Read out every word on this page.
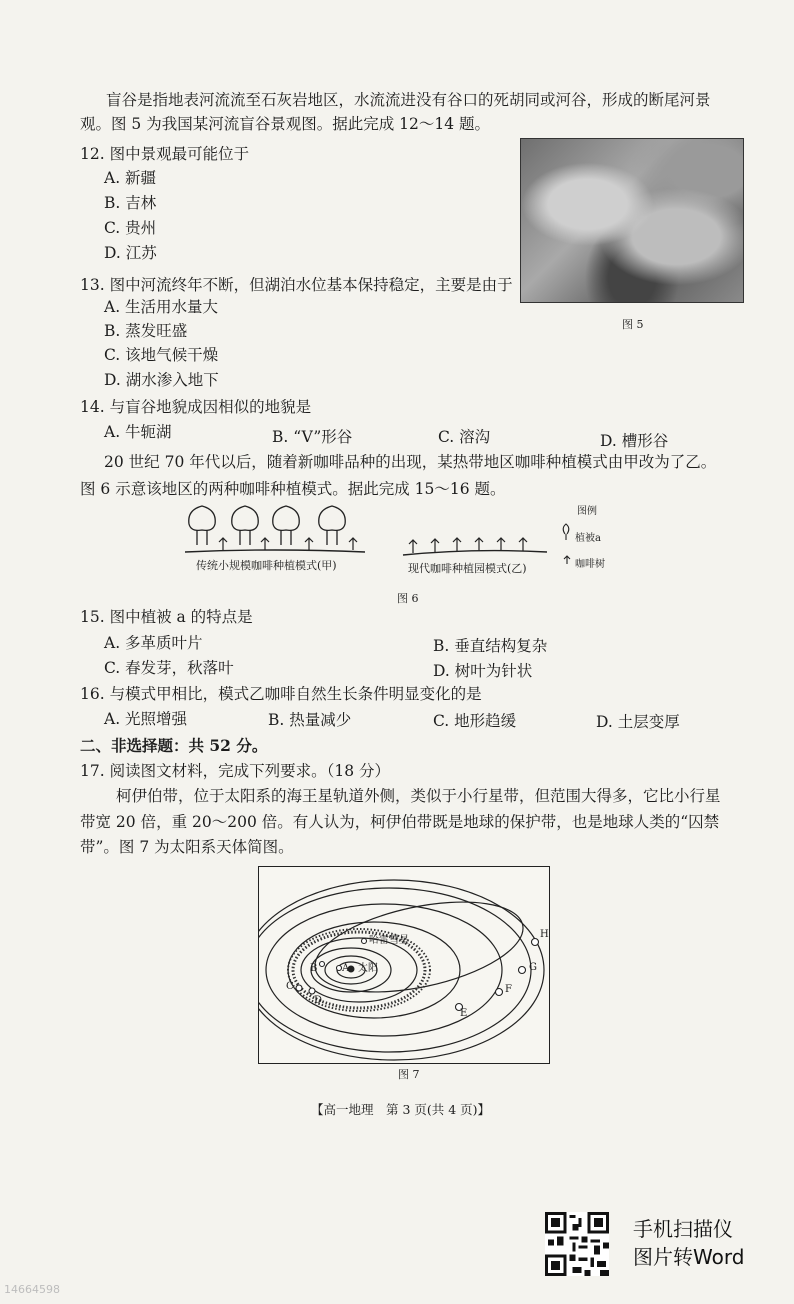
盲谷是指地表河流流至石灰岩地区，水流流进没有谷口的死胡同或河谷，形成的断尾河景
观。图 5 为我国某河流盲谷景观图。据此完成 12～14 题。
12. 图中景观最可能位于
A. 新疆
B. 吉林
C. 贵州
D. 江苏
图 5
13. 图中河流终年不断，但湖泊水位基本保持稳定，主要是由于
A. 生活用水量大
B. 蒸发旺盛
C. 该地气候干燥
D. 湖水渗入地下
14. 与盲谷地貌成因相似的地貌是
A. 牛轭湖	B. “V”形谷	C. 溶沟	D. 槽形谷
20 世纪 70 年代以后，随着新咖啡品种的出现，某热带地区咖啡种植模式由甲改为了乙。
图 6 示意该地区的两种咖啡种植模式。据此完成 15～16 题。
图例
植被a
咖啡树
传统小规模咖啡种植模式(甲)	现代咖啡种植园模式(乙)
图 6
15. 图中植被 a 的特点是
A. 多革质叶片	B. 垂直结构复杂
C. 春发芽，秋落叶	D. 树叶为针状
16. 与模式甲相比，模式乙咖啡自然生长条件明显变化的是
A. 光照增强	B. 热量减少	C. 地形趋缓	D. 土层变厚
二、非选择题：共 52 分。
17. 阅读图文材料，完成下列要求。（18 分）
柯伊伯带，位于太阳系的海王星轨道外侧，类似于小行星带，但范围大得多，它比小行星
带宽 20 倍，重 20～200 倍。有人认为，柯伊伯带既是地球的保护带，也是地球人类的“囚禁
带”。图 7 为太阳系天体简图。
哈雷彗星
太阳
A
B
C
D
E
F
G
H
图 7
【高一地理　第 3 页(共 4 页)】
手机扫描仪
图片转Word
14664598
